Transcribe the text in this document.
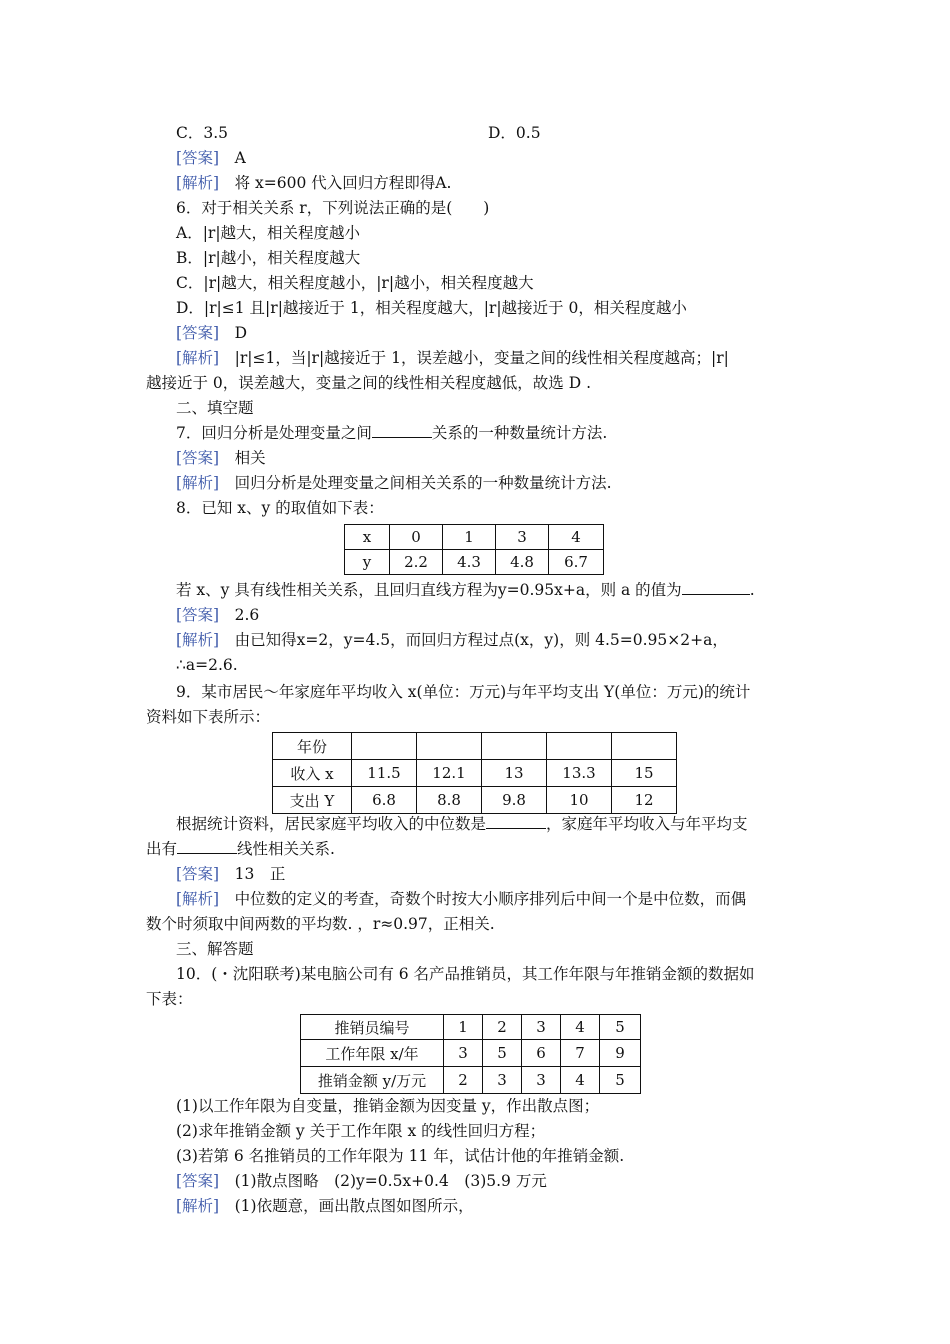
C．3.5	D．0.5
[答案]　 A
[解析]　 将 x=600 代入回归方程即得A.
6．对于相关关系 r，下列说法正确的是(　　)
A．|r|越大，相关程度越小
B．|r|越小，相关程度越大
C．|r|越大，相关程度越小，|r|越小，相关程度越大
D．|r|≤1 且|r|越接近于 1，相关程度越大，|r|越接近于 0，相关程度越小
[答案]　 D
[解析]　 |r|≤1，当|r|越接近于 1，误差越小，变量之间的线性相关程度越高；|r|
越接近于 0，误差越大，变量之间的线性相关程度越低，故选 D .
二、填空题
7．回归分析是处理变量之间	关系的一种数量统计方法.
[答案]　 相关
[解析]　 回归分析是处理变量之间相关关系的一种数量统计方法.
8．已知 x、y 的取值如下表：
x	0	1	3	4
y	2.2	4.3	4.8	6.7
若 x、y 具有线性相关关系，且回归直线方程为y=0.95x+a，则 a 的值为	.
[答案]　 2.6
[解析]　 由已知得x=2，y=4.5，而回归方程过点(x，y)，则 4.5=0.95×2+a，
∴a=2.6.
9．某市居民～年家庭年平均收入 x(单位：万元)与年平均支出 Y(单位：万元)的统计
资料如下表所示：
年份					
收入 x	11.5	12.1	13	13.3	15
支出 Y	6.8	8.8	9.8	10	12
根据统计资料，居民家庭平均收入的中位数是	，家庭年平均收入与年平均支
出有	线性相关关系.
[答案]　 13　正
[解析]　 中位数的定义的考查，奇数个时按大小顺序排列后中间一个是中位数，而偶
数个时须取中间两数的平均数. ，r≈0.97，正相关.
三、解答题
10．(・沈阳联考)某电脑公司有 6 名产品推销员，其工作年限与年推销金额的数据如
下表：
推销员编号	1	2	3	4	5
工作年限 x/年	3	5	6	7	9
推销金额 y/万元	2	3	3	4	5
(1)以工作年限为自变量，推销金额为因变量 y，作出散点图；
(2)求年推销金额 y 关于工作年限 x 的线性回归方程；
(3)若第 6 名推销员的工作年限为 11 年，试估计他的年推销金额.
[答案]　 (1)散点图略　(2)y=0.5x+0.4　(3)5.9 万元
[解析]　 (1)依题意，画出散点图如图所示，
